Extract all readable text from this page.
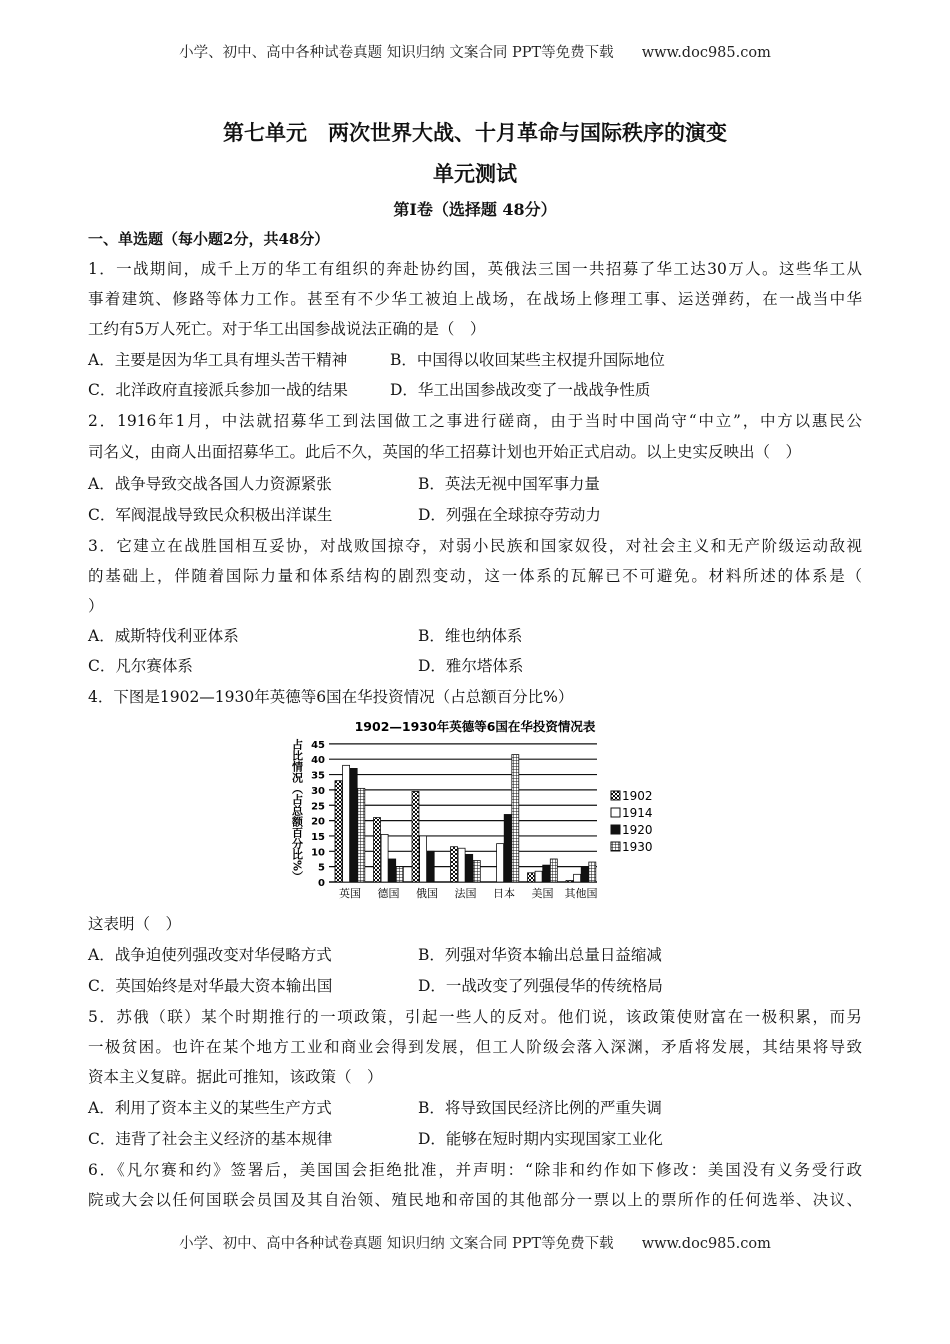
小学、初中、高中各种试卷真题 知识归纳 文案合同 PPT等免费下载 www.doc985.com
第七单元　两次世界大战、十月革命与国际秩序的演变
单元测试
第Ⅰ卷（选择题 48分）
一、单选题（每小题2分，共48分）
1．一战期间，成千上万的华工有组织的奔赴协约国，英俄法三国一共招募了华工达30万人。这些华工从
事着建筑、修路等体力工作。甚至有不少华工被迫上战场，在战场上修理工事、运送弹药，在一战当中华
工约有5万人死亡。对于华工出国参战说法正确的是（　）
A．主要是因为华工具有埋头苦干精神	B．中国得以收回某些主权提升国际地位
C．北洋政府直接派兵参加一战的结果	D．华工出国参战改变了一战战争性质
2．1916年1月，中法就招募华工到法国做工之事进行磋商，由于当时中国尚守“中立”，中方以惠民公
司名义，由商人出面招募华工。此后不久，英国的华工招募计划也开始正式启动。以上史实反映出（　）
A．战争导致交战各国人力资源紧张	B．英法无视中国军事力量
C．军阀混战导致民众积极出洋谋生	D．列强在全球掠夺劳动力
3．它建立在战胜国相互妥协，对战败国掠夺，对弱小民族和国家奴役，对社会主义和无产阶级运动敌视
的基础上，伴随着国际力量和体系结构的剧烈变动，这一体系的瓦解已不可避免。材料所述的体系是（
）
A．威斯特伐利亚体系	B．维也纳体系
C．凡尔赛体系	D．雅尔塔体系
4．下图是1902—1930年英德等6国在华投资情况（占总额百分比%）
1902—1930年英德等6国在华投资情况表
占比情况（占总额百分比%）
0
5
10
15
20
25
30
35
40
45
英国 德国 俄国 法国 日本 美国 其他国
1902
1914
1920
1930
这表明（　）
A．战争迫使列强改变对华侵略方式	B．列强对华资本输出总量日益缩减
C．英国始终是对华最大资本输出国	D．一战改变了列强侵华的传统格局
5．苏俄（联）某个时期推行的一项政策，引起一些人的反对。他们说，该政策使财富在一极积累，而另
一极贫困。也许在某个地方工业和商业会得到发展，但工人阶级会落入深渊，矛盾将发展，其结果将导致
资本主义复辟。据此可推知，该政策（　）
A．利用了资本主义的某些生产方式	B．将导致国民经济比例的严重失调
C．违背了社会主义经济的基本规律	D．能够在短时期内实现国家工业化
6．《凡尔赛和约》签署后，美国国会拒绝批准，并声明：“除非和约作如下修改：美国没有义务受行政
院或大会以任何国联会员国及其自治领、殖民地和帝国的其他部分一票以上的票所作的任何选举、决议、
小学、初中、高中各种试卷真题 知识归纳 文案合同 PPT等免费下载 www.doc985.com
